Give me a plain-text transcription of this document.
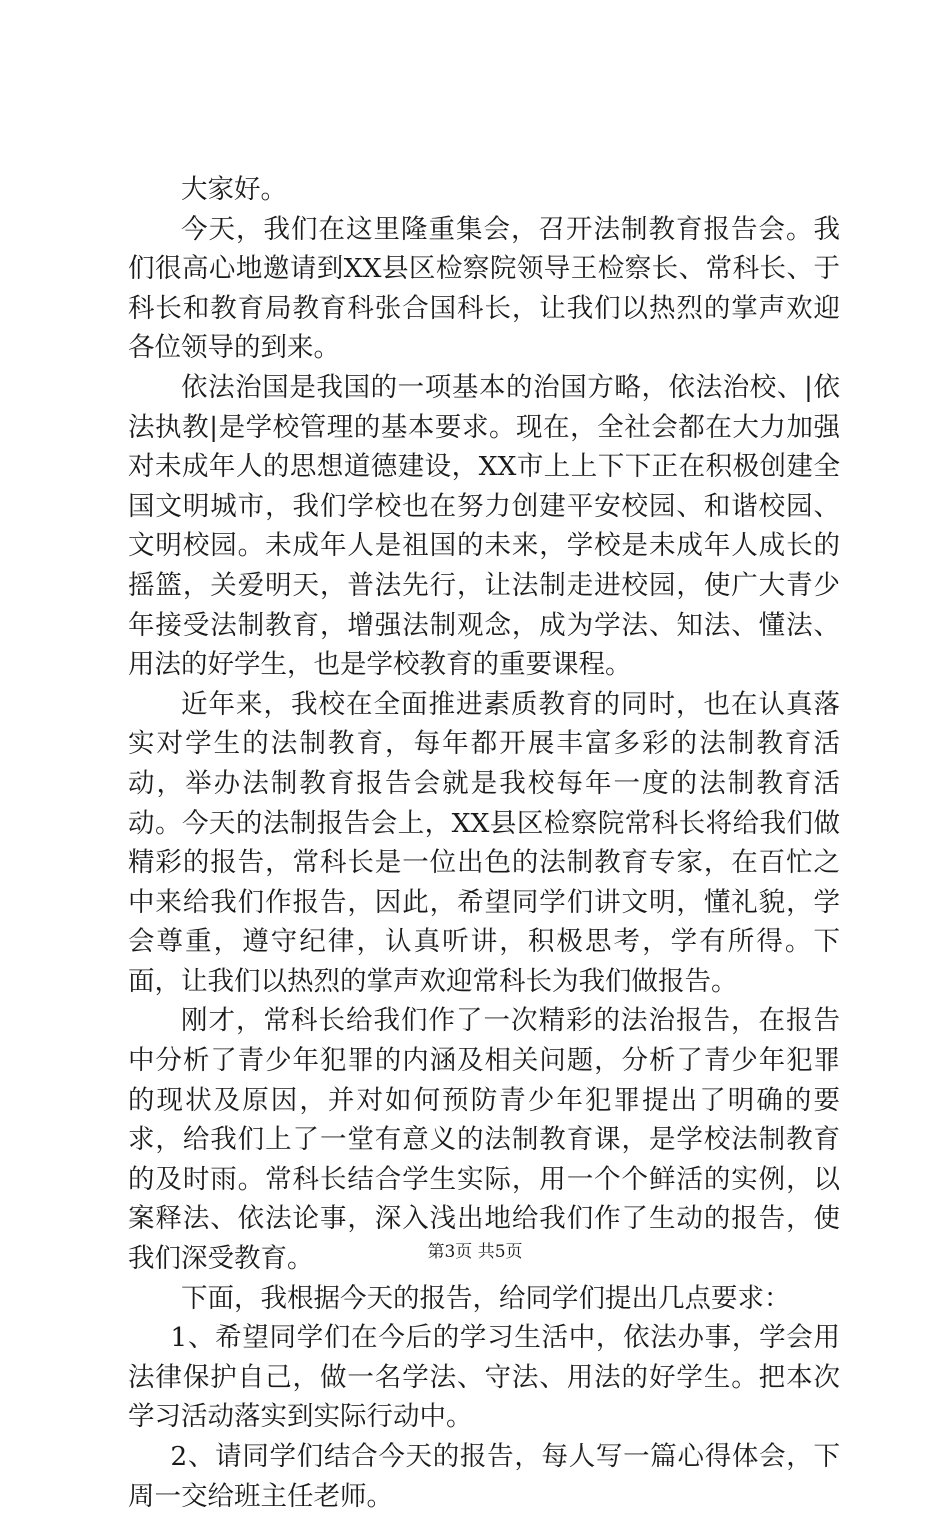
大家好。

今天，我们在这里隆重集会，召开法制教育报告会。我们很高心地邀请到XX县区检察院领导王检察长、常科长、于科长和教育局教育科张合国科长，让我们以热烈的掌声欢迎各位领导的到来。

依法治国是我国的一项基本的治国方略，依法治校、|依法执教|是学校管理的基本要求。现在，全社会都在大力加强对未成年人的思想道德建设，XX市上上下下正在积极创建全国文明城市，我们学校也在努力创建平安校园、和谐校园、文明校园。未成年人是祖国的未来，学校是未成年人成长的摇篮，关爱明天，普法先行，让法制走进校园，使广大青少年接受法制教育，增强法制观念，成为学法、知法、懂法、用法的好学生，也是学校教育的重要课程。

近年来，我校在全面推进素质教育的同时，也在认真落实对学生的法制教育，每年都开展丰富多彩的法制教育活动，举办法制教育报告会就是我校每年一度的法制教育活动。今天的法制报告会上，XX县区检察院常科长将给我们做精彩的报告，常科长是一位出色的法制教育专家，在百忙之中来给我们作报告，因此，希望同学们讲文明，懂礼貌，学会尊重，遵守纪律，认真听讲，积极思考，学有所得。下面，让我们以热烈的掌声欢迎常科长为我们做报告。

刚才，常科长给我们作了一次精彩的法治报告，在报告中分析了青少年犯罪的内涵及相关问题，分析了青少年犯罪的现状及原因，并对如何预防青少年犯罪提出了明确的要求，给我们上了一堂有意义的法制教育课，是学校法制教育的及时雨。常科长结合学生实际，用一个个鲜活的实例，以案释法、依法论事，深入浅出地给我们作了生动的报告，使我们深受教育。

下面，我根据今天的报告，给同学们提出几点要求：

1、希望同学们在今后的学习生活中，依法办事，学会用法律保护自己，做一名学法、守法、用法的好学生。把本次学习活动落实到实际行动中。

2、请同学们结合今天的报告，每人写一篇心得体会，下周一交给班主任老师。

第3页 共5页
